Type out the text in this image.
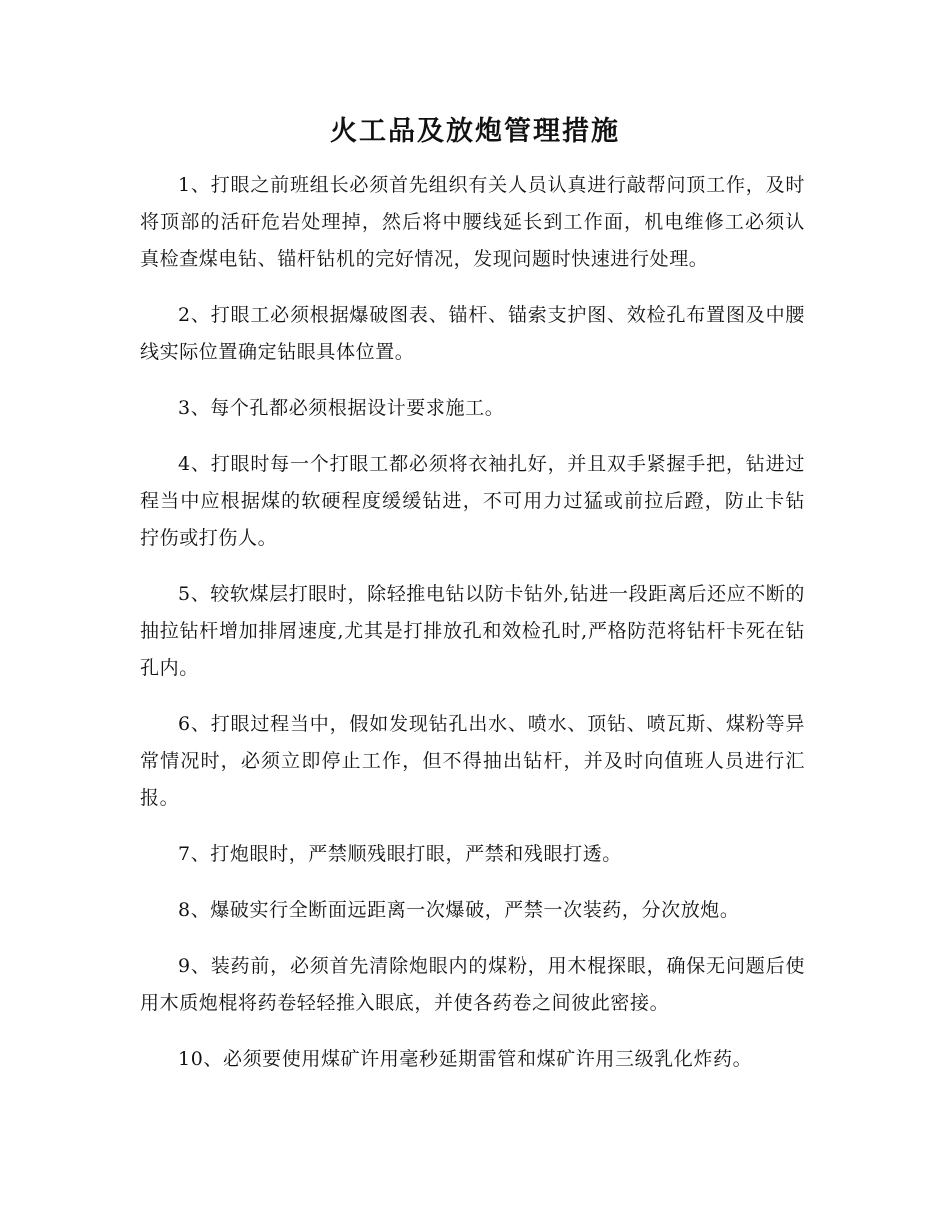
火工品及放炮管理措施

1、打眼之前班组长必须首先组织有关人员认真进行敲帮问顶工作，及时将顶部的活矸危岩处理掉，然后将中腰线延长到工作面，机电维修工必须认真检查煤电钻、锚杆钻机的完好情况，发现问题时快速进行处理。

2、打眼工必须根据爆破图表、锚杆、锚索支护图、效检孔布置图及中腰线实际位置确定钻眼具体位置。

3、每个孔都必须根据设计要求施工。

4、打眼时每一个打眼工都必须将衣袖扎好，并且双手紧握手把，钻进过程当中应根据煤的软硬程度缓缓钻进，不可用力过猛或前拉后蹬，防止卡钻拧伤或打伤人。

5、较软煤层打眼时，除轻推电钻以防卡钻外,钻进一段距离后还应不断的抽拉钻杆增加排屑速度,尤其是打排放孔和效检孔时,严格防范将钻杆卡死在钻孔内。

6、打眼过程当中，假如发现钻孔出水、喷水、顶钻、喷瓦斯、煤粉等异常情况时，必须立即停止工作，但不得抽出钻杆，并及时向值班人员进行汇报。

7、打炮眼时，严禁顺残眼打眼，严禁和残眼打透。

8、爆破实行全断面远距离一次爆破，严禁一次装药，分次放炮。

9、装药前，必须首先清除炮眼内的煤粉，用木棍探眼，确保无问题后使用木质炮棍将药卷轻轻推入眼底，并使各药卷之间彼此密接。

10、必须要使用煤矿许用毫秒延期雷管和煤矿许用三级乳化炸药。
